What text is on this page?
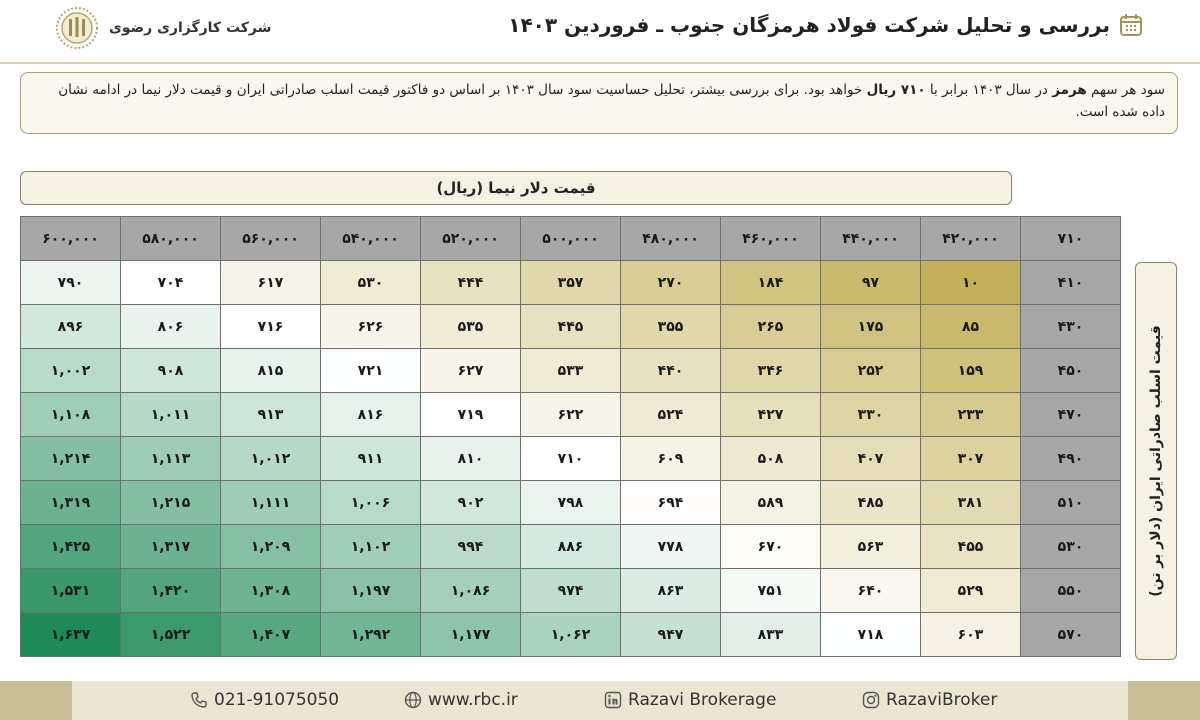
بررسی و تحلیل شرکت فولاد هرمزگان جنوب ـ فروردین ۱۴۰۳
شرکت کارگزاری رضوی
سود هر سهم هرمز در سال ۱۴۰۳ برابر با ۷۱۰ ریال خواهد بود. برای بررسی بیشتر، تحلیل حساسیت سود سال ۱۴۰۳ بر اساس دو فاکتور قیمت اسلب صادراتی ایران و قیمت دلار نیما در ادامه نشان داده شده است.
قیمت دلار نیما (ریال)
۶۰۰,۰۰۰	۵۸۰,۰۰۰	۵۶۰,۰۰۰	۵۴۰,۰۰۰	۵۲۰,۰۰۰	۵۰۰,۰۰۰	۴۸۰,۰۰۰	۴۶۰,۰۰۰	۴۴۰,۰۰۰	۴۲۰,۰۰۰	۷۱۰
۷۹۰	۷۰۴	۶۱۷	۵۳۰	۴۴۴	۳۵۷	۲۷۰	۱۸۴	۹۷	۱۰	۴۱۰
۸۹۶	۸۰۶	۷۱۶	۶۲۶	۵۳۵	۴۴۵	۳۵۵	۲۶۵	۱۷۵	۸۵	۴۳۰
۱,۰۰۲	۹۰۸	۸۱۵	۷۲۱	۶۲۷	۵۳۳	۴۴۰	۳۴۶	۲۵۲	۱۵۹	۴۵۰
۱,۱۰۸	۱,۰۱۱	۹۱۳	۸۱۶	۷۱۹	۶۲۲	۵۲۴	۴۲۷	۳۳۰	۲۳۳	۴۷۰
۱,۲۱۴	۱,۱۱۳	۱,۰۱۲	۹۱۱	۸۱۰	۷۱۰	۶۰۹	۵۰۸	۴۰۷	۳۰۷	۴۹۰
۱,۳۱۹	۱,۲۱۵	۱,۱۱۱	۱,۰۰۶	۹۰۲	۷۹۸	۶۹۴	۵۸۹	۴۸۵	۳۸۱	۵۱۰
۱,۴۲۵	۱,۳۱۷	۱,۲۰۹	۱,۱۰۲	۹۹۴	۸۸۶	۷۷۸	۶۷۰	۵۶۳	۴۵۵	۵۳۰
۱,۵۳۱	۱,۴۲۰	۱,۳۰۸	۱,۱۹۷	۱,۰۸۶	۹۷۴	۸۶۳	۷۵۱	۶۴۰	۵۲۹	۵۵۰
۱,۶۳۷	۱,۵۲۲	۱,۴۰۷	۱,۲۹۲	۱,۱۷۷	۱,۰۶۲	۹۴۷	۸۳۳	۷۱۸	۶۰۳	۵۷۰
قیمت اسلب صادراتی ایران (دلار بر تن)
021-91075050	www.rbc.ir	Razavi Brokerage	RazaviBroker
